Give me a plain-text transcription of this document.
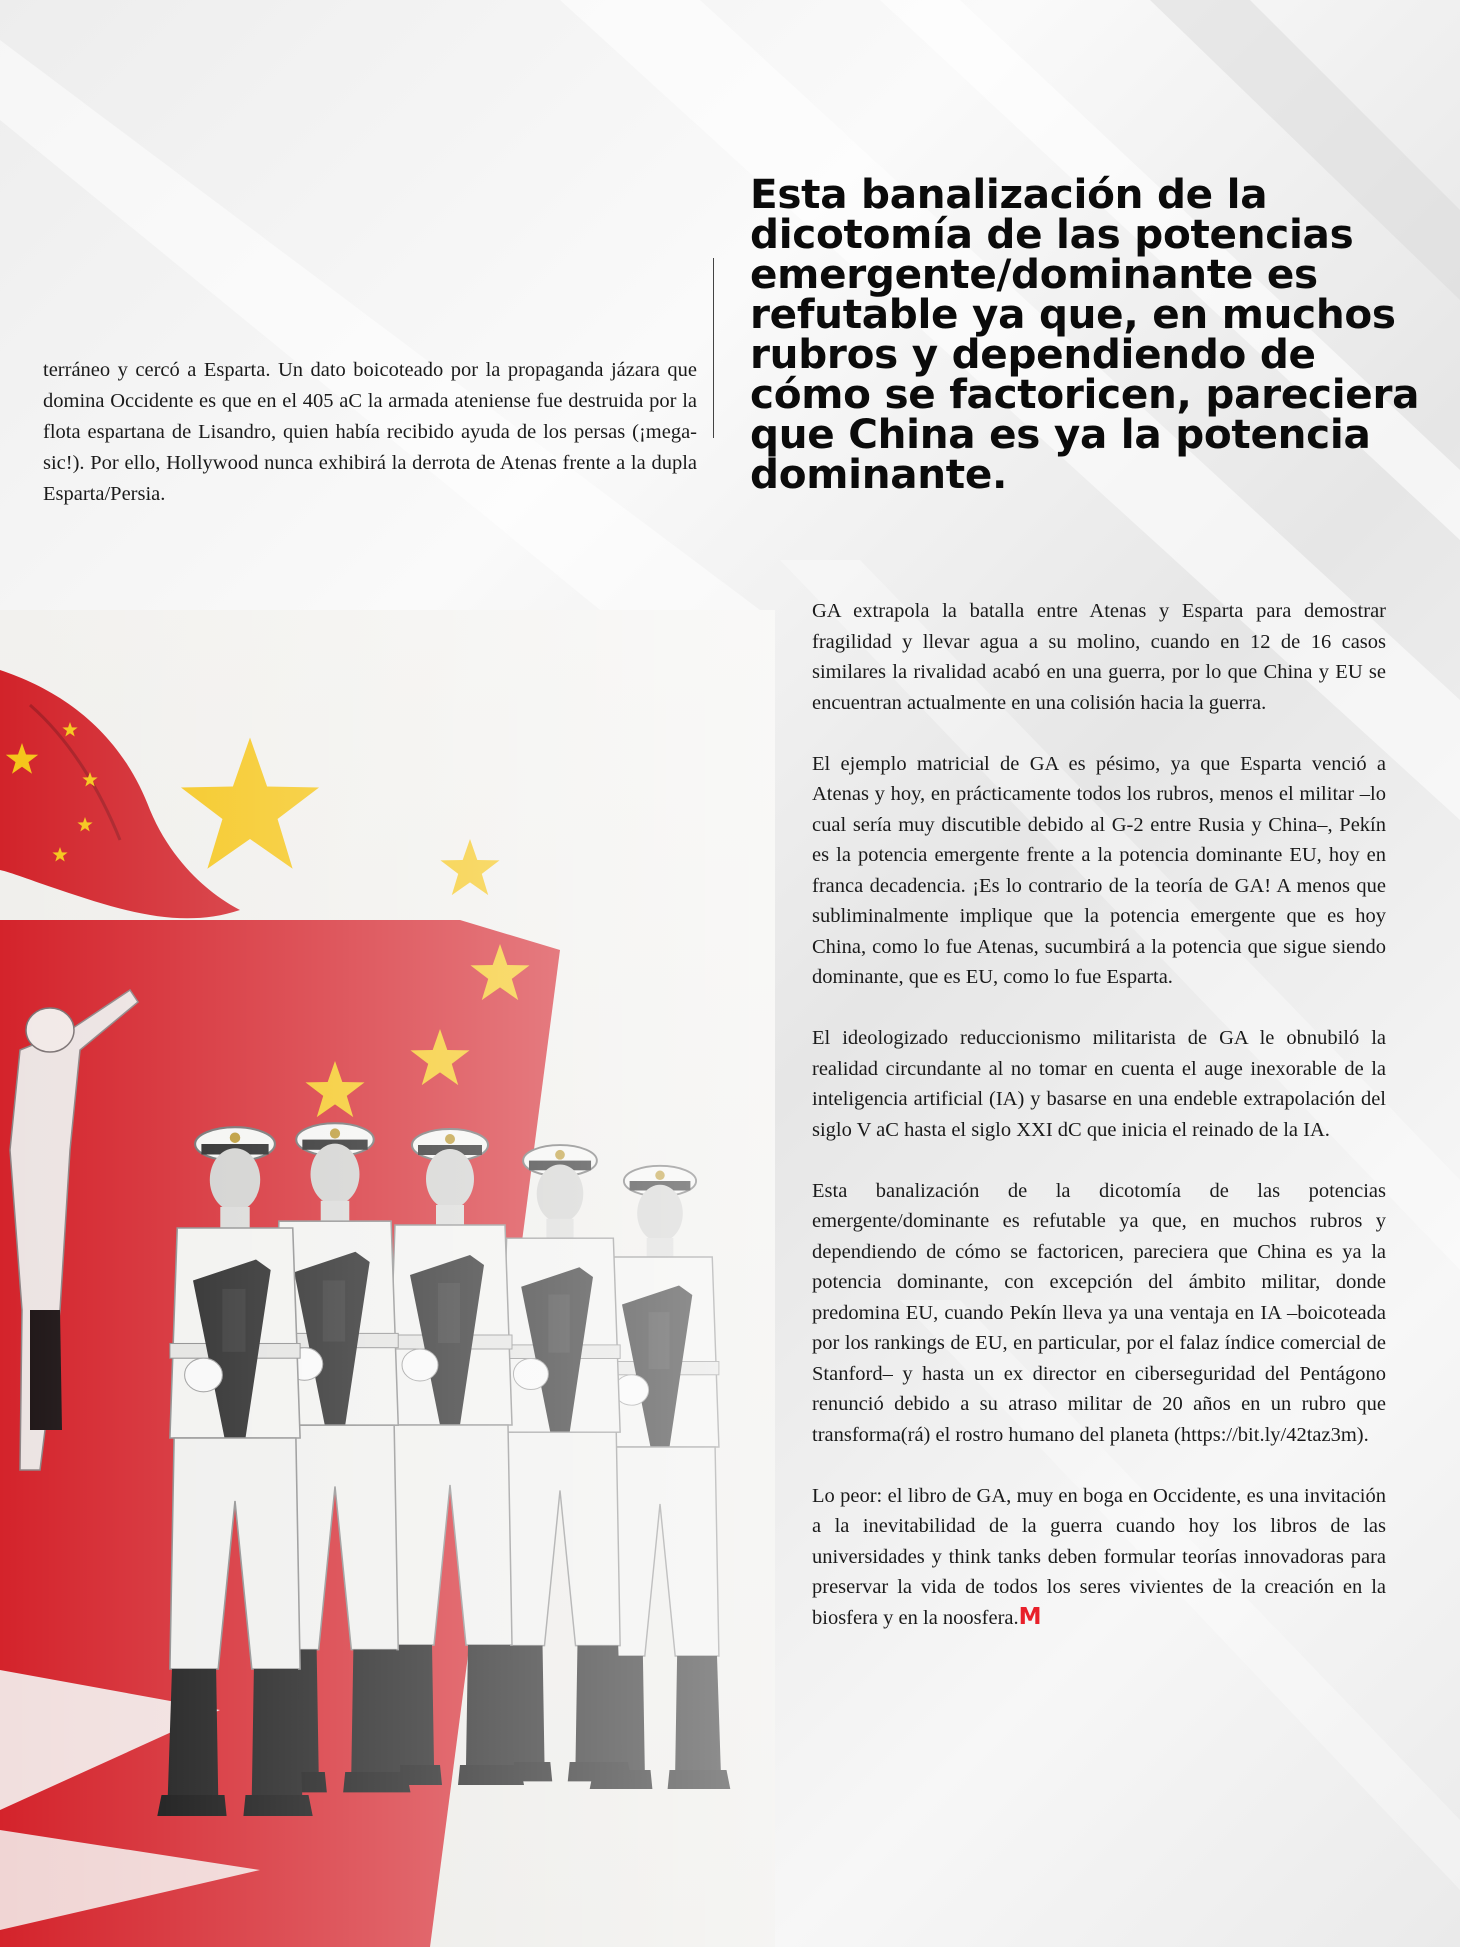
terráneo y cercó a Esparta. Un dato boicoteado por la propaganda jázara que domina Occidente es que en el 405 aC la armada ateniense fue destruida por la flota espartana de Lisandro, quien había recibido ayuda de los persas (¡mega-sic!). Por ello, Hollywood nunca exhibirá la derrota de Atenas frente a la dupla Esparta/Persia.

Esta banalización de la dicotomía de las potencias emergente/dominante es refutable ya que, en muchos rubros y dependiendo de cómo se factoricen, pareciera que China es ya la potencia dominante.

GA extrapola la batalla entre Atenas y Esparta para demostrar fragilidad y llevar agua a su molino, cuando en 12 de 16 casos similares la rivalidad acabó en una guerra, por lo que China y EU se encuentran actualmente en una colisión hacia la guerra.

El ejemplo matricial de GA es pésimo, ya que Esparta venció a Atenas y hoy, en prácticamente todos los rubros, menos el militar –lo cual sería muy discutible debido al G-2 entre Rusia y China–, Pekín es la potencia emergente frente a la potencia dominante EU, hoy en franca decadencia. ¡Es lo contrario de la teoría de GA! A menos que subliminalmente implique que la potencia emergente que es hoy China, como lo fue Atenas, sucumbirá a la potencia que sigue siendo dominante, que es EU, como lo fue Esparta.

El ideologizado reduccionismo militarista de GA le obnubiló la realidad circundante al no tomar en cuenta el auge inexorable de la inteligencia artificial (IA) y basarse en una endeble extrapolación del siglo V aC hasta el siglo XXI dC que inicia el reinado de la IA.

Esta banalización de la dicotomía de las potencias emergente/dominante es refutable ya que, en muchos rubros y dependiendo de cómo se factoricen, pareciera que China es ya la potencia dominante, con excepción del ámbito militar, donde predomina EU, cuando Pekín lleva ya una ventaja en IA –boicoteada por los rankings de EU, en particular, por el falaz índice comercial de Stanford– y hasta un ex director en ciberseguridad del Pentágono renunció debido a su atraso militar de 20 años en un rubro que transforma(rá) el rostro humano del planeta (https://bit.ly/42taz3m).

Lo peor: el libro de GA, muy en boga en Occidente, es una invitación a la inevitabilidad de la guerra cuando hoy los libros de las universidades y think tanks deben formular teorías innovadoras para preservar la vida de todos los seres vivientes de la creación en la biosfera y en la noosfera.M
